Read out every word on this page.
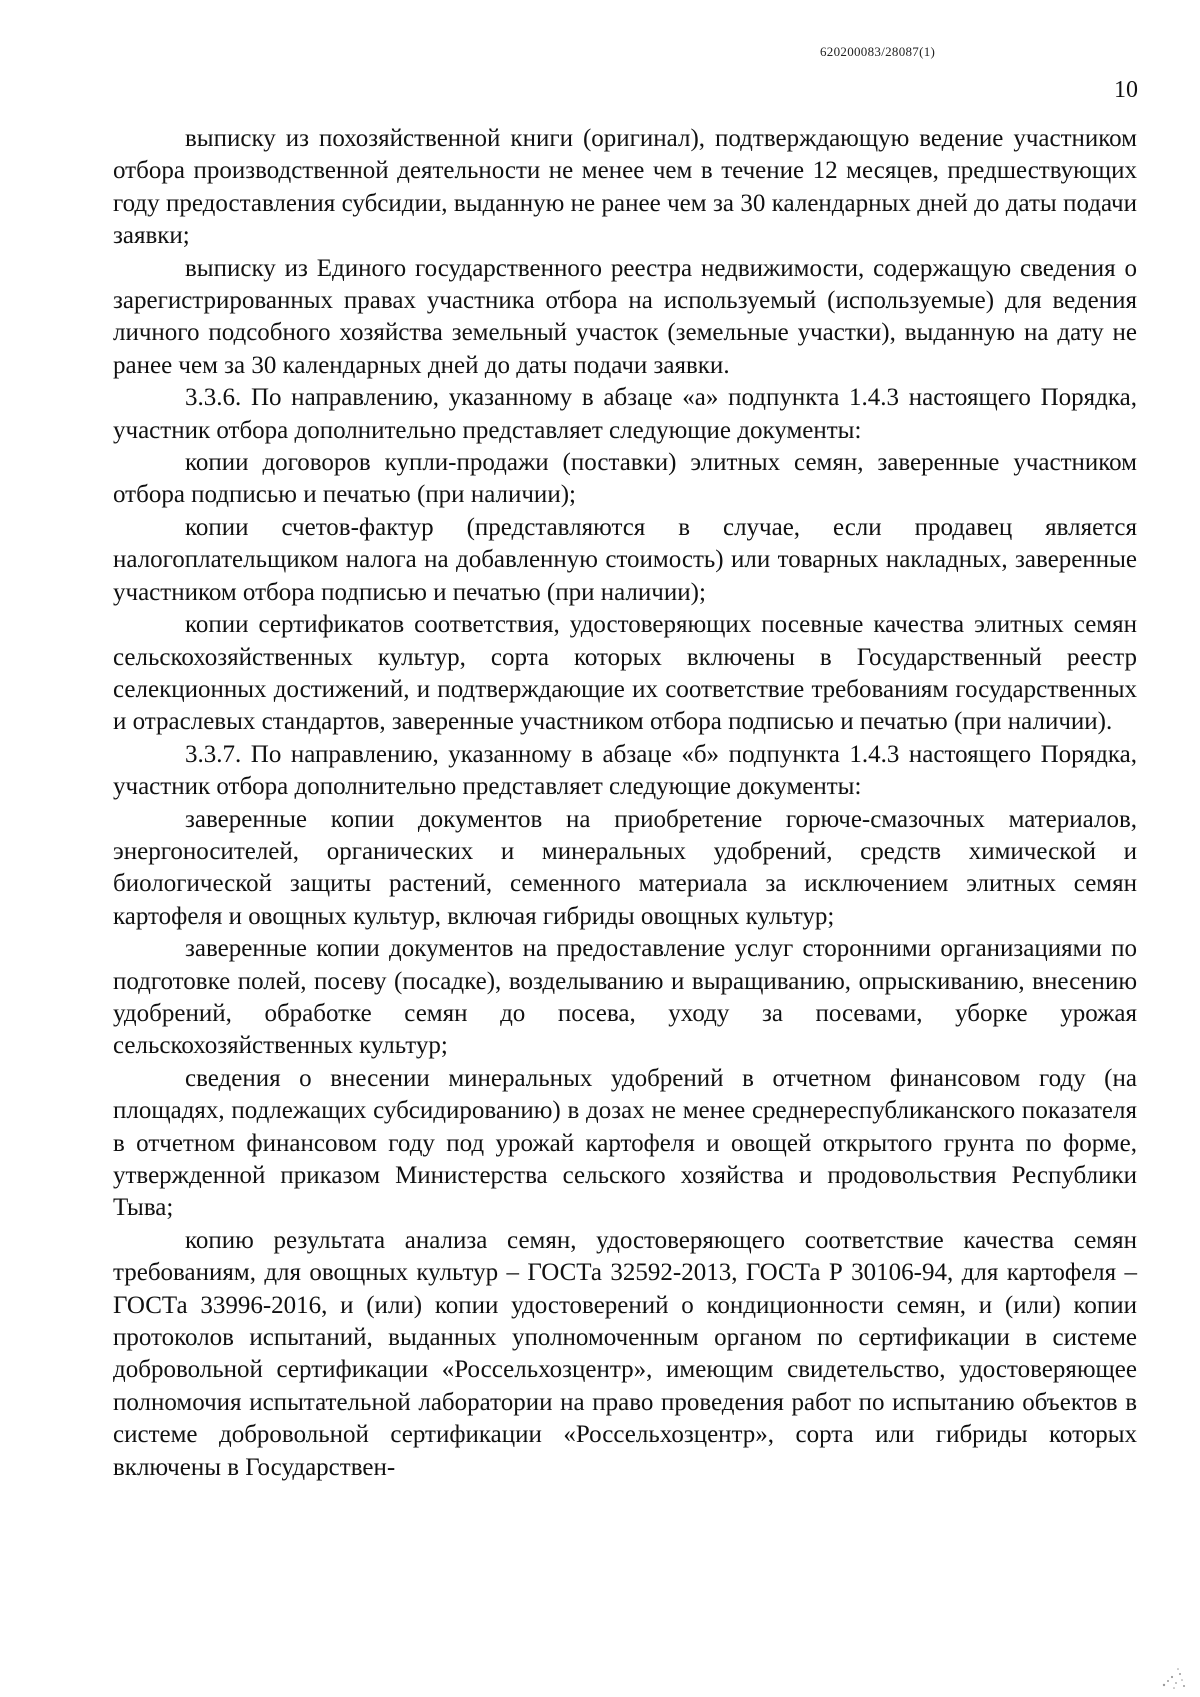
620200083/28087(1)
10

выписку из похозяйственной книги (оригинал), подтверждающую ведение участником отбора производственной деятельности не менее чем в течение 12 месяцев, предшествующих году предоставления субсидии, выданную не ранее чем за 30 календарных дней до даты подачи заявки;

выписку из Единого государственного реестра недвижимости, содержащую сведения о зарегистрированных правах участника отбора на используемый (используемые) для ведения личного подсобного хозяйства земельный участок (земельные участки), выданную на дату не ранее чем за 30 календарных дней до даты подачи заявки.

3.3.6. По направлению, указанному в абзаце «а» подпункта 1.4.3 настоящего Порядка, участник отбора дополнительно представляет следующие документы:

копии договоров купли-продажи (поставки) элитных семян, заверенные участником отбора подписью и печатью (при наличии);

копии счетов-фактур (представляются в случае, если продавец является налогоплательщиком налога на добавленную стоимость) или товарных накладных, заверенные участником отбора подписью и печатью (при наличии);

копии сертификатов соответствия, удостоверяющих посевные качества элитных семян сельскохозяйственных культур, сорта которых включены в Государственный реестр селекционных достижений, и подтверждающие их соответствие требованиям государственных и отраслевых стандартов, заверенные участником отбора подписью и печатью (при наличии).

3.3.7. По направлению, указанному в абзаце «б» подпункта 1.4.3 настоящего Порядка, участник отбора дополнительно представляет следующие документы:

заверенные копии документов на приобретение горюче-смазочных материалов, энергоносителей, органических и минеральных удобрений, средств химической и биологической защиты растений, семенного материала за исключением элитных семян картофеля и овощных культур, включая гибриды овощных культур;

заверенные копии документов на предоставление услуг сторонними организациями по подготовке полей, посеву (посадке), возделыванию и выращиванию, опрыскиванию, внесению удобрений, обработке семян до посева, уходу за посевами, уборке урожая сельскохозяйственных культур;

сведения о внесении минеральных удобрений в отчетном финансовом году (на площадях, подлежащих субсидированию) в дозах не менее среднереспубликанского показателя в отчетном финансовом году под урожай картофеля и овощей открытого грунта по форме, утвержденной приказом Министерства сельского хозяйства и продовольствия Республики Тыва;

копию результата анализа семян, удостоверяющего соответствие качества семян требованиям, для овощных культур – ГОСТа 32592-2013, ГОСТа Р 30106-94, для картофеля – ГОСТа 33996-2016, и (или) копии удостоверений о кондиционности семян, и (или) копии протоколов испытаний, выданных уполномоченным органом по сертификации в системе добровольной сертификации «Россельхозцентр», имеющим свидетельство, удостоверяющее полномочия испытательной лаборатории на право проведения работ по испытанию объектов в системе добровольной сертификации «Россельхозцентр», сорта или гибриды которых включены в Государствен-
